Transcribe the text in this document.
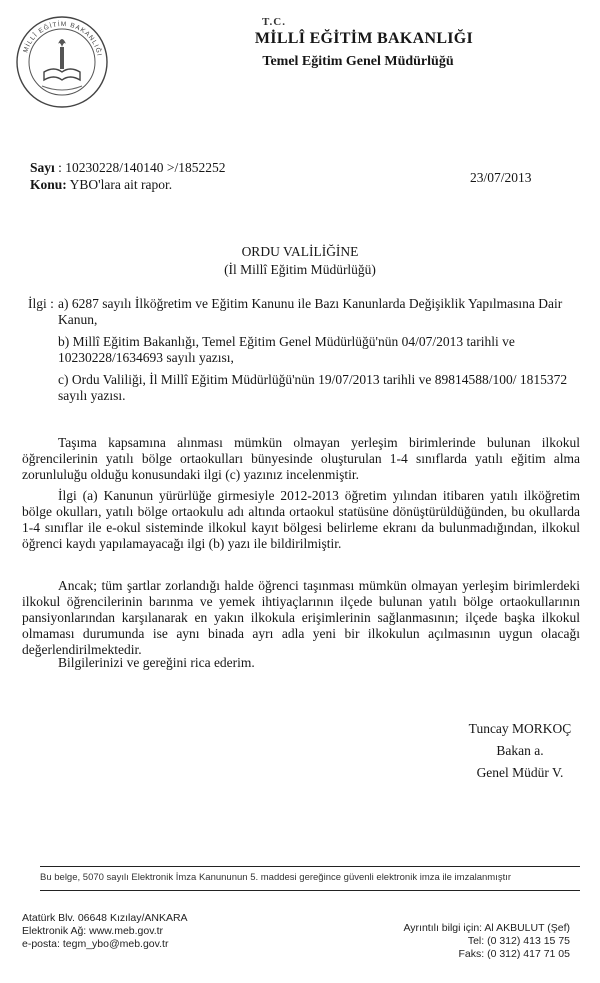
MİLLÎ EĞİTİM BAKANLIĞI
T.C.
MİLLÎ EĞİTİM BAKANLIĞI
Temel Eğitim Genel Müdürlüğü
Sayı : 10230228/140140 >/1852252
Konu: YBO'lara ait rapor.	23/07/2013
ORDU VALİLİĞİNE
(İl Millî Eğitim Müdürlüğü)
İlgi : a) 6287 sayılı İlköğretim ve Eğitim Kanunu ile Bazı Kanunlarda Değişiklik Yapılmasına Dair Kanun,
b) Millî Eğitim Bakanlığı, Temel Eğitim Genel Müdürlüğü'nün 04/07/2013 tarihli ve 10230228/1634693 sayılı yazısı,
c) Ordu Valiliği, İl Millî Eğitim Müdürlüğü'nün 19/07/2013 tarihli ve 89814588/100/ 1815372 sayılı yazısı.
Taşıma kapsamına alınması mümkün olmayan yerleşim birimlerinde bulunan ilkokul öğrencilerinin yatılı bölge ortaokulları bünyesinde oluşturulan 1-4 sınıflarda yatılı eğitim alma zorunluluğu olduğu konusundaki ilgi (c) yazınız incelenmiştir.
İlgi (a) Kanunun yürürlüğe girmesiyle 2012-2013 öğretim yılından itibaren yatılı ilköğretim bölge okulları, yatılı bölge ortaokulu adı altında ortaokul statüsüne dönüştürüldüğünden, bu okullarda 1-4 sınıflar ile e-okul sisteminde ilkokul kayıt bölgesi belirleme ekranı da bulunmadığından, ilkokul öğrenci kaydı yapılamayacağı ilgi (b) yazı ile bildirilmiştir.
Ancak; tüm şartlar zorlandığı halde öğrenci taşınması mümkün olmayan yerleşim birimlerdeki ilkokul öğrencilerinin barınma ve yemek ihtiyaçlarının ilçede bulunan yatılı bölge ortaokullarının pansiyonlarından karşılanarak en yakın ilkokula erişimlerinin sağlanmasının; ilçede başka ilkokul olmaması durumunda ise aynı binada ayrı adla yeni bir ilkokulun açılmasının uygun olacağı değerlendirilmektedir.
Bilgilerinizi ve gereğini rica ederim.
Tuncay MORKOÇ
Bakan a.
Genel Müdür V.
Bu belge, 5070 sayılı Elektronik İmza Kanununun 5. maddesi gereğince güvenli elektronik imza ile imzalanmıştır
Atatürk Blv. 06648 Kızılay/ANKARA
Elektronik Ağ: www.meb.gov.tr
e-posta: tegm_ybo@meb.gov.tr
Ayrıntılı bilgi için: Al AKBULUT (Şef)
Tel: (0 312) 413 15 75
Faks: (0 312) 417 71 05
